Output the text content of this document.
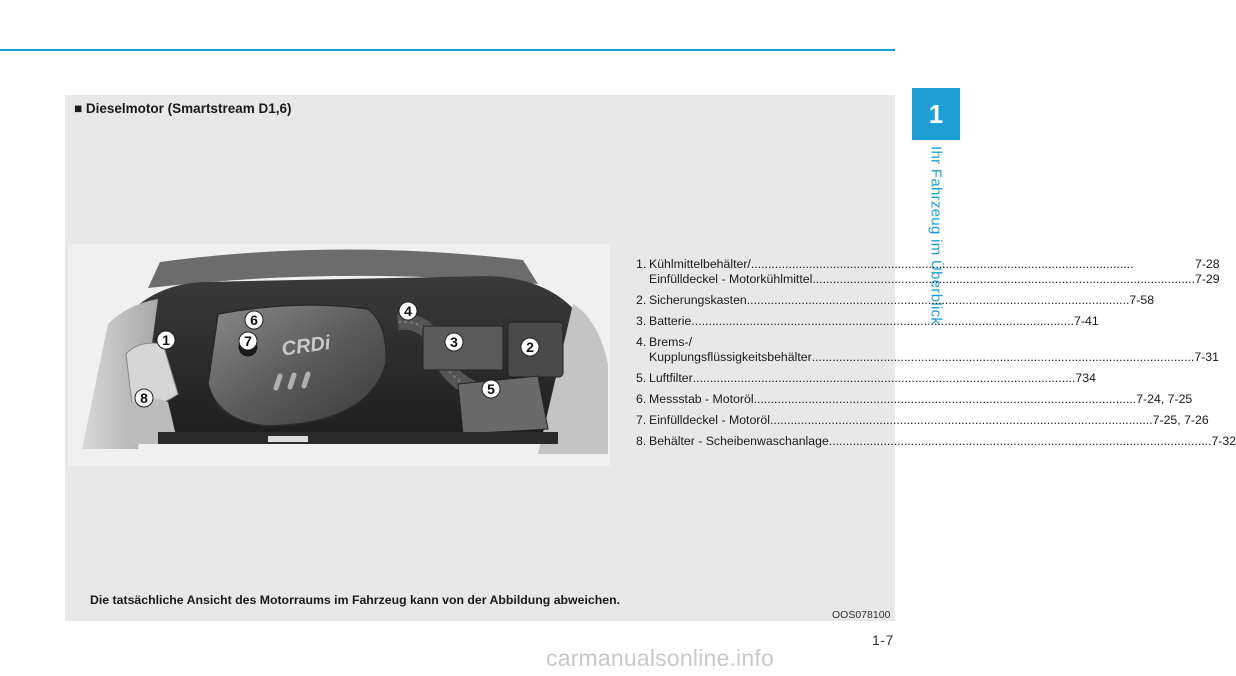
1
Ihr Fahrzeug im Überblick
■ Dieselmotor (Smartstream D1,6)
CRDi
1	2
3
4
5
6
7
8
1. Kühlmittelbehälter/ .....	7-28
Einfülldeckel - Motorkühlmittel .....	7-29
2. Sicherungskasten .....	7-58
3. Batterie .....	7-41
4. Brems-/
Kupplungsflüssigkeitsbehälter .....	7-31
5. Luftfilter .....	734
6. Messstab - Motoröl .....	7-24, 7-25
7. Einfülldeckel - Motoröl .....	7-25, 7-26
8. Behälter - Scheibenwaschanlage .....	7-32
Die tatsächliche Ansicht des Motorraums im Fahrzeug kann von der Abbildung abweichen.
OOS078100
1-7
carmanualsonline.info
